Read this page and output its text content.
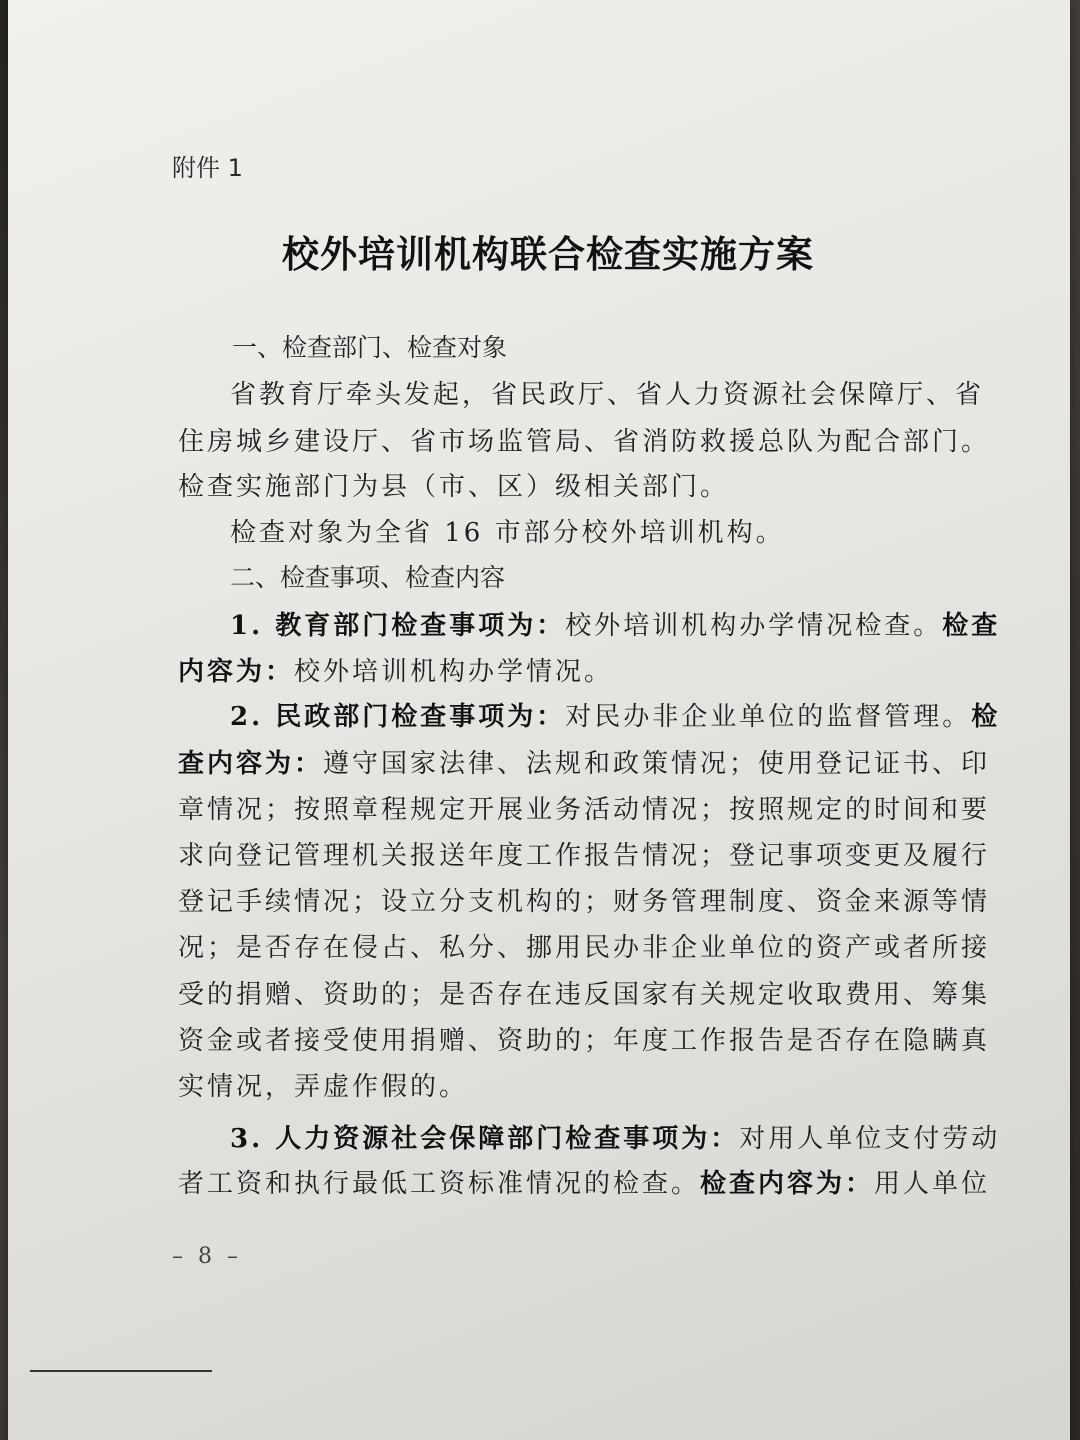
附件 1
校外培训机构联合检查实施方案
一、检查部门、检查对象
省教育厅牵头发起，省民政厅、省人力资源社会保障厅、省
住房城乡建设厅、省市场监管局、省消防救援总队为配合部门。
检查实施部门为县（市、区）级相关部门。
检查对象为全省 16 市部分校外培训机构。
二、检查事项、检查内容
1. 教育部门检查事项为：校外培训机构办学情况检查。检查
内容为：校外培训机构办学情况。
2. 民政部门检查事项为：对民办非企业单位的监督管理。检
查内容为：遵守国家法律、法规和政策情况；使用登记证书、印
章情况；按照章程规定开展业务活动情况；按照规定的时间和要
求向登记管理机关报送年度工作报告情况；登记事项变更及履行
登记手续情况；设立分支机构的；财务管理制度、资金来源等情
况；是否存在侵占、私分、挪用民办非企业单位的资产或者所接
受的捐赠、资助的；是否存在违反国家有关规定收取费用、筹集
资金或者接受使用捐赠、资助的；年度工作报告是否存在隐瞒真
实情况，弄虚作假的。
3. 人力资源社会保障部门检查事项为：对用人单位支付劳动
者工资和执行最低工资标准情况的检查。检查内容为：用人单位
– 8 –
